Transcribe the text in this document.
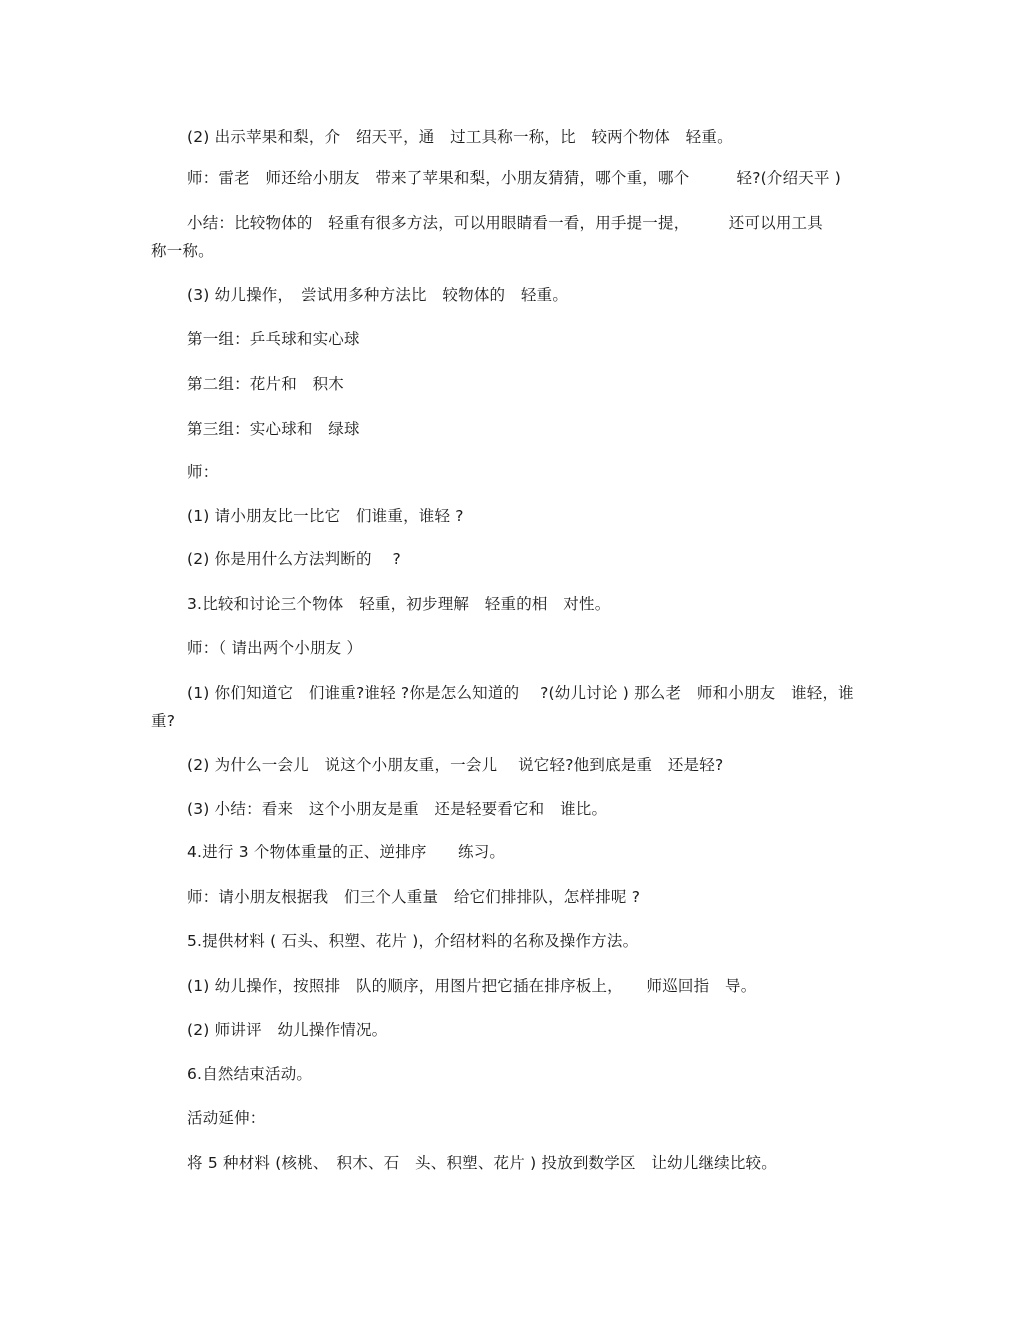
(2) 出示苹果和梨，介　绍天平，通　过工具称一称，比　较两个物体　轻重。
师：雷老　师还给小朋友　带来了苹果和梨，小朋友猜猜，哪个重，哪个　　　轻?(介绍天平 )
小结：比较物体的　轻重有很多方法，可以用眼睛看一看，用手提一提，　　　还可以用工具
称一称。
(3) 幼儿操作，　尝试用多种方法比　较物体的　轻重。
第一组：乒乓球和实心球
第二组：花片和　积木
第三组：实心球和　绿球
师：
(1) 请小朋友比一比它　们谁重，谁轻 ?
(2) 你是用什么方法判断的　 ?
3.比较和讨论三个物体　轻重，初步理解　轻重的相　对性。
师：（ 请出两个小朋友 ）
(1) 你们知道它　们谁重?谁轻 ?你是怎么知道的　 ?(幼儿讨论 ) 那么老　师和小朋友　谁轻，谁
重?
(2) 为什么一会儿　说这个小朋友重，一会儿　 说它轻?他到底是重　还是轻?
(3) 小结：看来　这个小朋友是重　还是轻要看它和　谁比。
4.进行 3 个物体重量的正、逆排序　　练习。
师：请小朋友根据我　们三个人重量　给它们排排队，怎样排呢 ?
5.提供材料 ( 石头、积塑、花片 )，介绍材料的名称及操作方法。
(1) 幼儿操作，按照排　队的顺序，用图片把它插在排序板上，　　师巡回指　导。
(2) 师讲评　幼儿操作情况。
6.自然结束活动。
活动延伸：
将 5 种材料 (核桃、　积木、石　头、积塑、花片 ) 投放到数学区　让幼儿继续比较。
